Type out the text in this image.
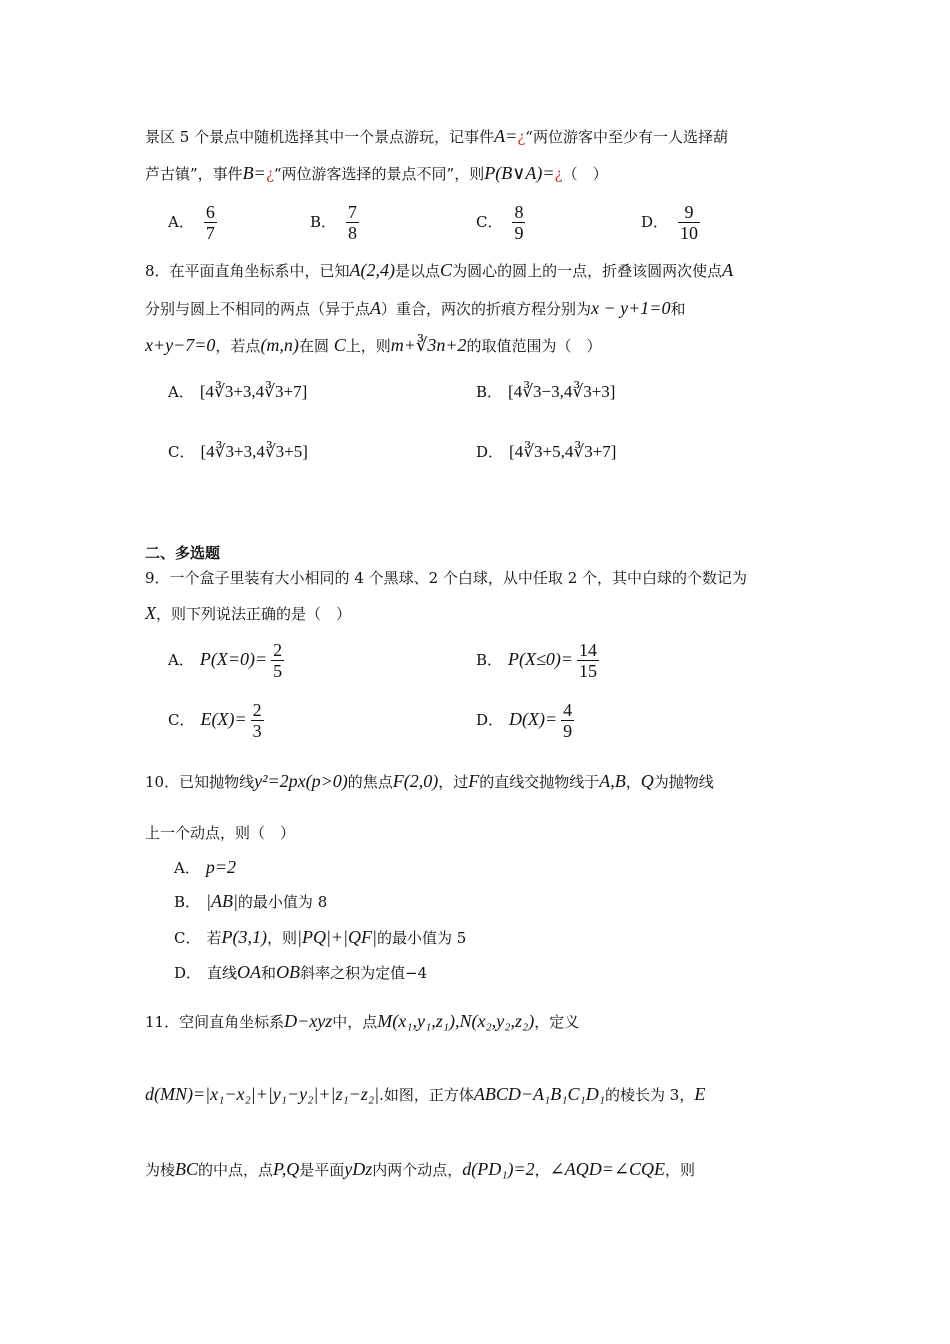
景区 5 个景点中随机选择其中一个景点游玩，记事件A=¿“两位游客中至少有一人选择葫
芦古镇”，事件B=¿“两位游客选择的景点不同”，则P(B∨A)=¿（　）
A． $\frac{6}{7}$	B． $\frac{7}{8}$	C． $\frac{8}{9}$	D． $\frac{9}{10}$
8．在平面直角坐标系中，已知A(2,4)是以点C为圆心的圆上的一点，折叠该圆两次使点A
分别与圆上不相同的两点（异于点A）重合，两次的折痕方程分别为x − y+1=0和
x+y−7=0，若点(m,n)在圆 C上，则m+∛3n+2的取值范围为（　）
A． [4∛3+3,4∛3+7]	B． [4∛3−3,4∛3+3]
C． [4∛3+3,4∛3+5]	D． [4∛3+5,4∛3+7]
二、多选题
9．一个盒子里装有大小相同的 4 个黑球、2 个白球，从中任取 2 个，其中白球的个数记为
X，则下列说法正确的是（　）
A． $P(X=0)= \frac{2}{5}$	B． $P(X\le 0)= \frac{14}{15}$
C． $E(X)= \frac{2}{3}$	D． $D(X)= \frac{4}{9}$
10．已知抛物线y²=2px(p>0)的焦点F(2,0)，过F的直线交抛物线于A,B，Q为抛物线
上一个动点，则（　）
A． p=2
B． |AB|的最小值为 8
C． 若P(3,1)，则|PQ|+|QF|的最小值为 5
D． 直线OA和OB斜率之积为定值−4
11．空间直角坐标系D−xyz中，点M(x₁,y₁,z₁),N(x₂,y₂,z₂)，定义
d(MN)=|x₁−x₂|+|y₁−y₂|+|z₁−z₂|.如图，正方体ABCD−A₁B₁C₁D₁的棱长为 3，E
为棱BC的中点，点P,Q是平面yDz内两个动点，d(PD₁)=2，∠AQD=∠CQE，则
